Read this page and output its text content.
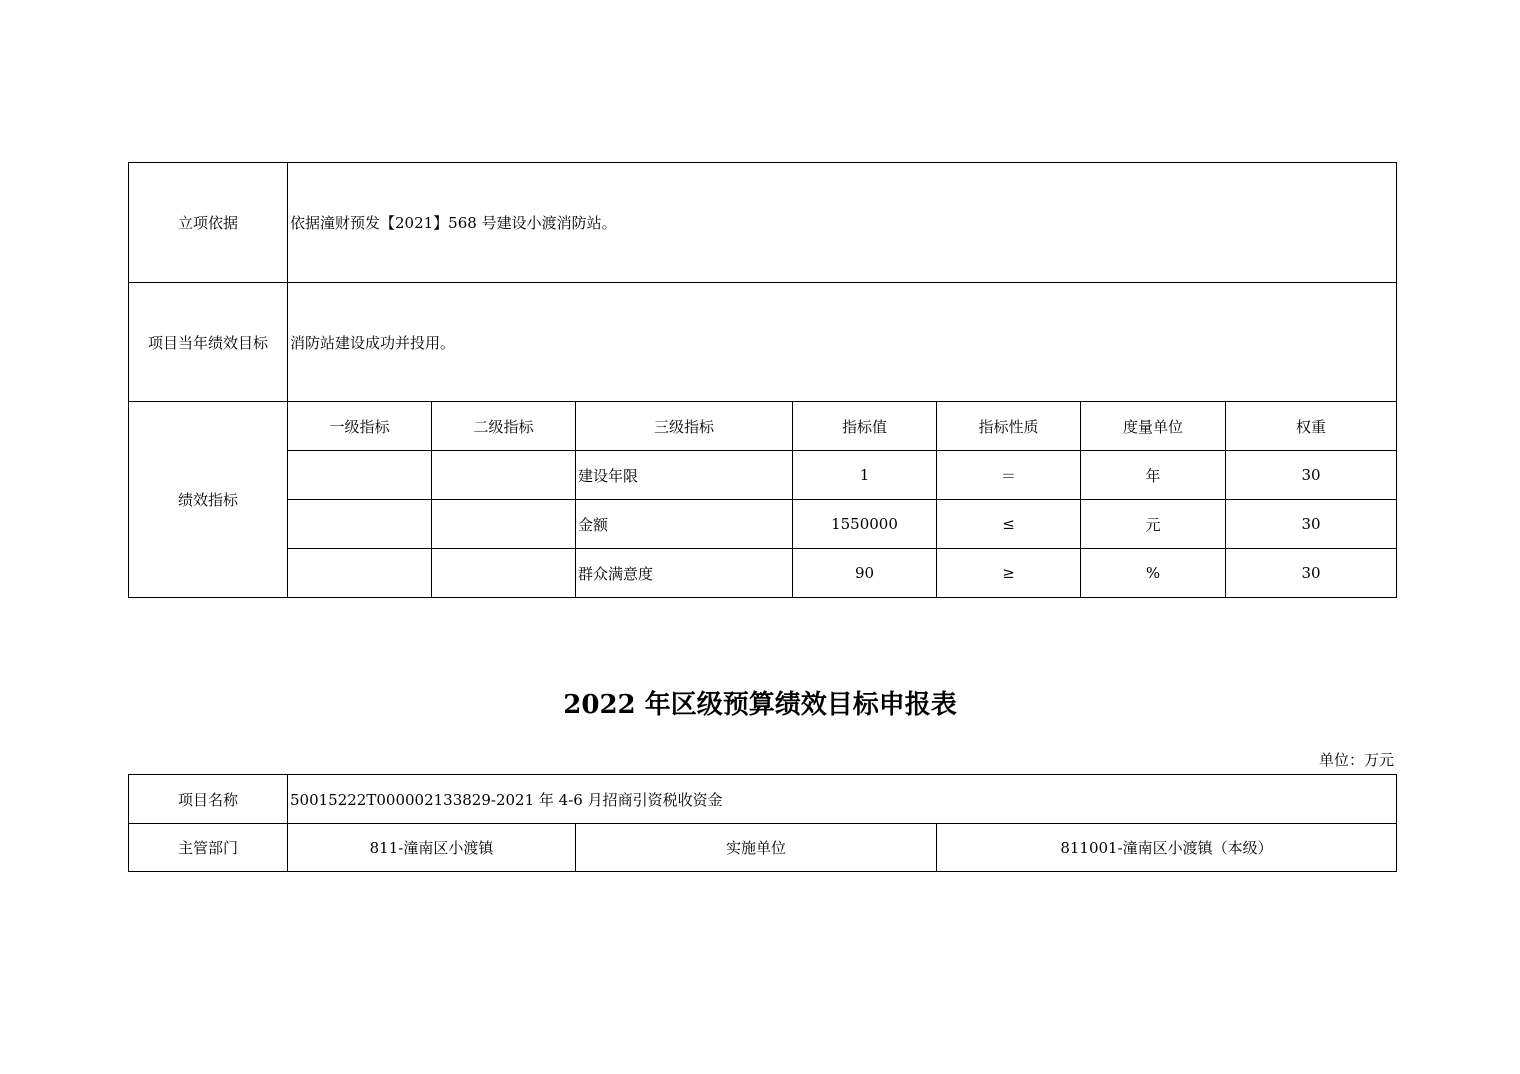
立项依据	依据潼财预发【2021】568 号建设小渡消防站。						
项目当年绩效目标	消防站建设成功并投用。						
绩效指标	一级指标	二级指标	三级指标	指标值	指标性质	度量单位	权重
			建设年限	1	＝	年	30
			金额	1550000	≤	元	30
			群众满意度	90	≥	%	30
2022 年区级预算绩效目标申报表
单位：万元
项目名称	50015222T000002133829-2021 年 4-6 月招商引资税收资金		
主管部门	811-潼南区小渡镇	实施单位	811001-潼南区小渡镇（本级）
